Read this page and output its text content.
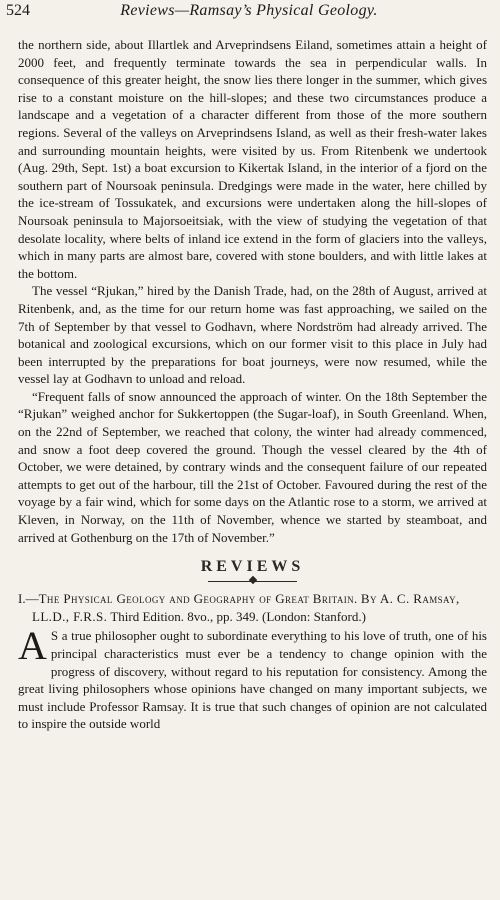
524	Reviews—Ramsay’s Physical Geology.

the northern side, about Illartlek and Arveprindsens Eiland, sometimes attain a height of 2000 feet, and frequently terminate towards the sea in perpendicular walls. In consequence of this greater height, the snow lies there longer in the summer, which gives rise to a constant moisture on the hill-slopes; and these two circumstances produce a landscape and a vegetation of a character different from those of the more southern regions. Several of the valleys on Arveprindsens Island, as well as their fresh-water lakes and surrounding mountain heights, were visited by us. From Ritenbenk we undertook (Aug. 29th, Sept. 1st) a boat excursion to Kikertak Island, in the interior of a fjord on the southern part of Noursoak peninsula. Dredgings were made in the water, here chilled by the ice-stream of Tossukatek, and excursions were undertaken along the hill-slopes of Noursoak peninsula to Majorsoeitsiak, with the view of studying the vegetation of that desolate locality, where belts of inland ice extend in the form of glaciers into the valleys, which in many parts are almost bare, covered with stone boulders, and with little lakes at the bottom.

The vessel “Rjukan,” hired by the Danish Trade, had, on the 28th of August, arrived at Ritenbenk, and, as the time for our return home was fast approaching, we sailed on the 7th of September by that vessel to Godhavn, where Nordström had already arrived. The botanical and zoological excursions, which on our former visit to this place in July had been interrupted by the preparations for boat journeys, were now resumed, while the vessel lay at Godhavn to unload and reload.

“Frequent falls of snow announced the approach of winter. On the 18th September the “Rjukan” weighed anchor for Sukkertoppen (the Sugar-loaf), in South Greenland. When, on the 22nd of September, we reached that colony, the winter had already commenced, and snow a foot deep covered the ground. Though the vessel cleared by the 4th of October, we were detained, by contrary winds and the consequent failure of our repeated attempts to get out of the harbour, till the 21st of October. Favoured during the rest of the voyage by a fair wind, which for some days on the Atlantic rose to a storm, we arrived at Kleven, in Norway, on the 11th of November, whence we started by steamboat, and arrived at Gothenburg on the 17th of November.”

REVIEWS
I.—The Physical Geology and Geography of Great Britain. By A. C. Ramsay, LL.D., F.R.S. Third Edition. 8vo., pp. 349. (London: Stanford.)

A S a true philosopher ought to subordinate everything to his love of truth, one of his principal characteristics must ever be a tendency to change opinion with the progress of discovery, without regard to his reputation for consistency. Among the great living philosophers whose opinions have changed on many important subjects, we must include Professor Ramsay. It is true that such changes of opinion are not calculated to inspire the outside world
